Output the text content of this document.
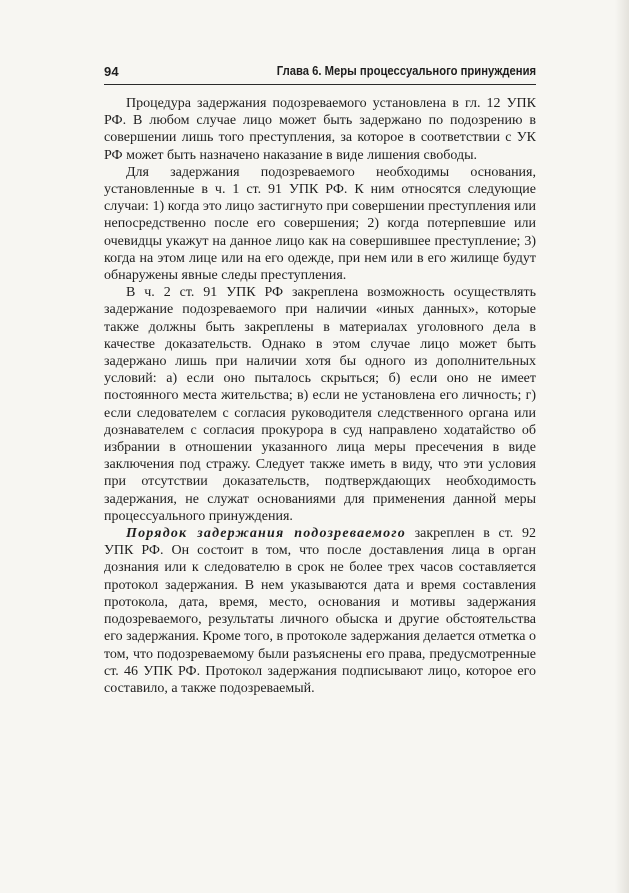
94	Глава 6. Меры процессуального принуждения

Процедура задержания подозреваемого установлена в гл. 12 УПК РФ. В любом случае лицо может быть задержано по подозрению в совершении лишь того преступления, за которое в соответствии с УК РФ может быть назначено наказание в виде лишения свободы.

Для задержания подозреваемого необходимы основания, установленные в ч. 1 ст. 91 УПК РФ. К ним относятся следующие случаи: 1) когда это лицо застигнуто при совершении преступления или непосредственно после его совершения; 2) когда потерпевшие или очевидцы укажут на данное лицо как на совершившее преступление; 3) когда на этом лице или на его одежде, при нем или в его жилище будут обнаружены явные следы преступления.

В ч. 2 ст. 91 УПК РФ закреплена возможность осуществлять задержание подозреваемого при наличии «иных данных», которые также должны быть закреплены в материалах уголовного дела в качестве доказательств. Однако в этом случае лицо может быть задержано лишь при наличии хотя бы одного из дополнительных условий: а) если оно пыталось скрыться; б) если оно не имеет постоянного места жительства; в) если не установлена его личность; г) если следователем с согласия руководителя следственного органа или дознавателем с согласия прокурора в суд направлено ходатайство об избрании в отношении указанного лица меры пресечения в виде заключения под стражу. Следует также иметь в виду, что эти условия при отсутствии доказательств, подтверждающих необходимость задержания, не служат основаниями для применения данной меры процессуального принуждения.

Порядок задержания подозреваемого закреплен в ст. 92 УПК РФ. Он состоит в том, что после доставления лица в орган дознания или к следователю в срок не более трех часов составляется протокол задержания. В нем указываются дата и время составления протокола, дата, время, место, основания и мотивы задержания подозреваемого, результаты личного обыска и другие обстоятельства его задержания. Кроме того, в протоколе задержания делается отметка о том, что подозреваемому были разъяснены его права, предусмотренные ст. 46 УПК РФ. Протокол задержания подписывают лицо, которое его составило, а также подозреваемый.
